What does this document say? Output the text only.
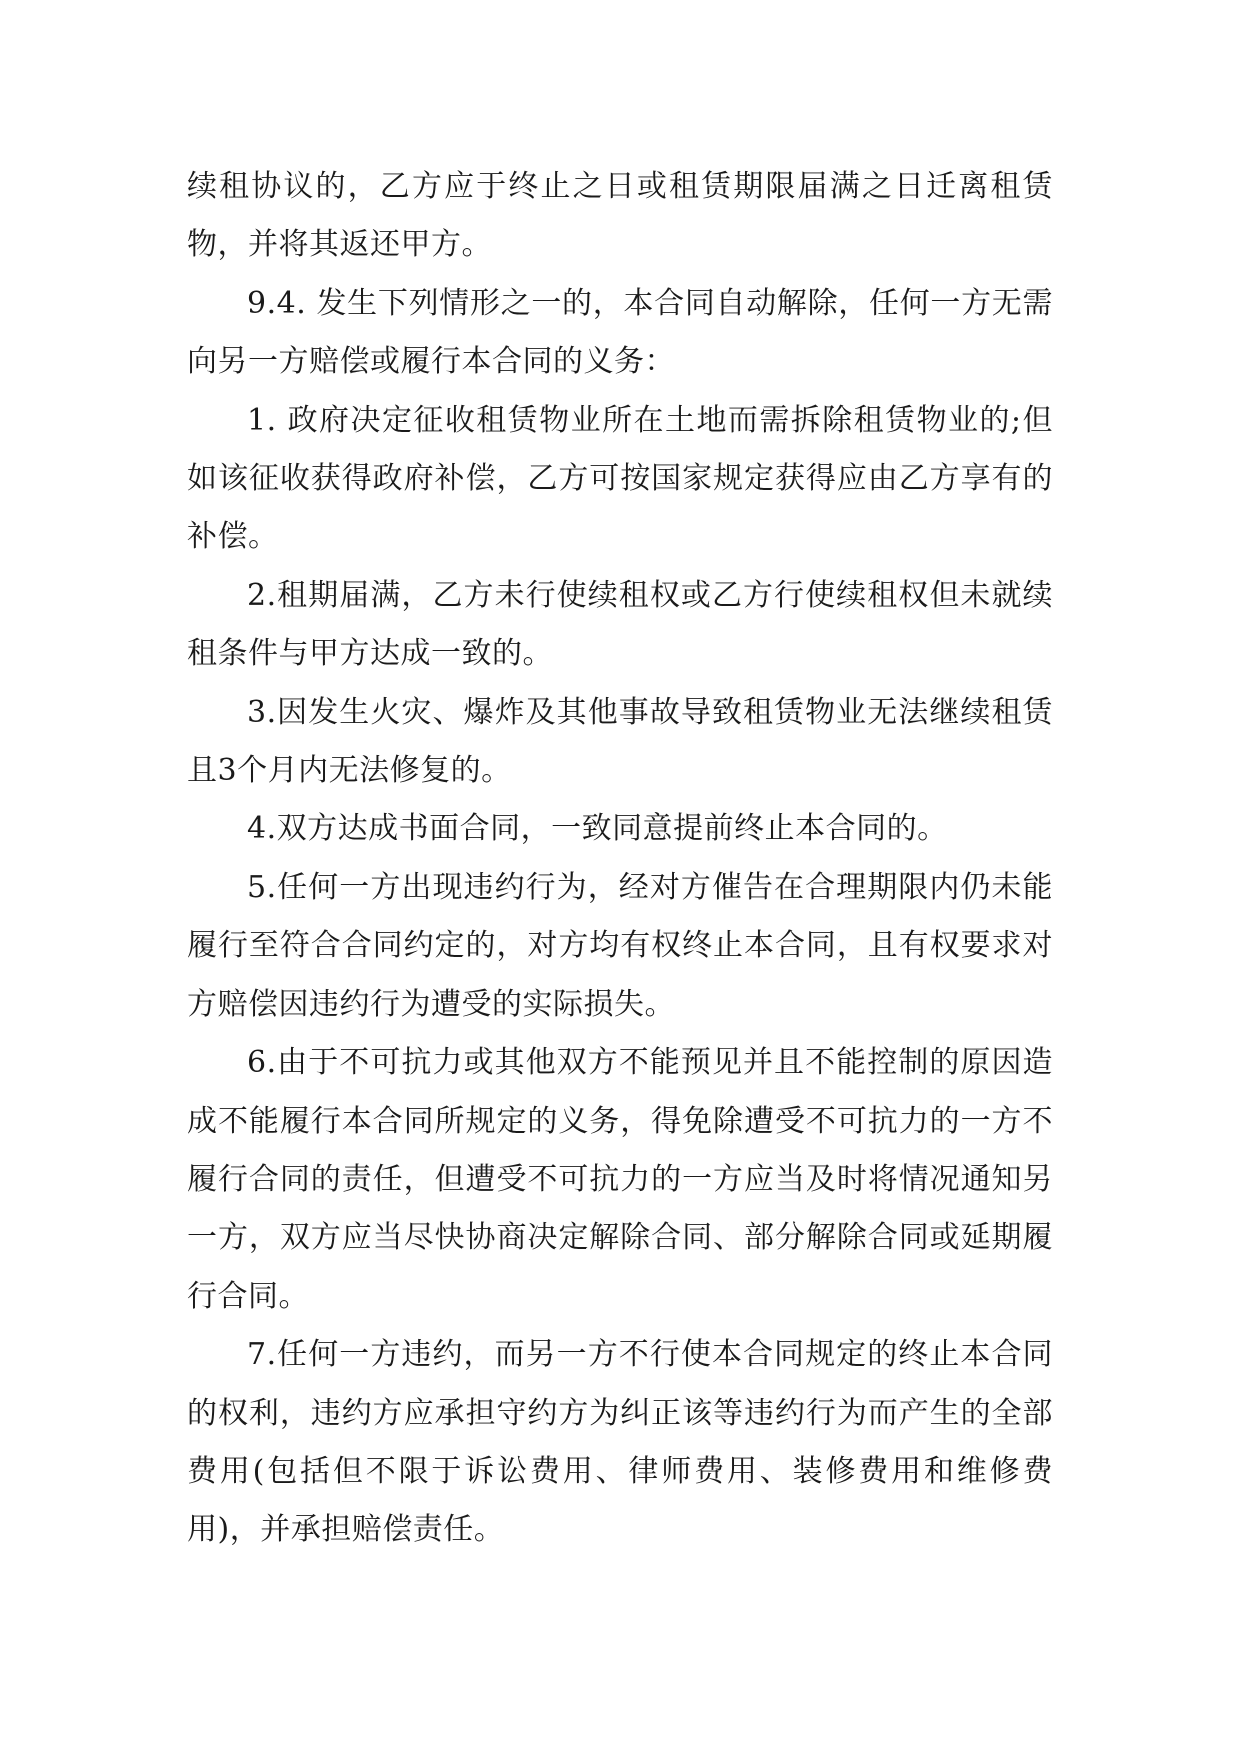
续租协议的，乙方应于终止之日或租赁期限届满之日迁离租赁物，并将其返还甲方。

9.4. 发生下列情形之一的，本合同自动解除，任何一方无需向另一方赔偿或履行本合同的义务：

1. 政府决定征收租赁物业所在土地而需拆除租赁物业的;但如该征收获得政府补偿，乙方可按国家规定获得应由乙方享有的补偿。

2.租期届满，乙方未行使续租权或乙方行使续租权但未就续租条件与甲方达成一致的。

3.因发生火灾、爆炸及其他事故导致租赁物业无法继续租赁且3个月内无法修复的。

4.双方达成书面合同，一致同意提前终止本合同的。

5.任何一方出现违约行为，经对方催告在合理期限内仍未能履行至符合合同约定的，对方均有权终止本合同，且有权要求对方赔偿因违约行为遭受的实际损失。

6.由于不可抗力或其他双方不能预见并且不能控制的原因造成不能履行本合同所规定的义务，得免除遭受不可抗力的一方不履行合同的责任，但遭受不可抗力的一方应当及时将情况通知另一方，双方应当尽快协商决定解除合同、部分解除合同或延期履行合同。

7.任何一方违约，而另一方不行使本合同规定的终止本合同的权利，违约方应承担守约方为纠正该等违约行为而产生的全部费用(包括但不限于诉讼费用、律师费用、装修费用和维修费用)，并承担赔偿责任。
